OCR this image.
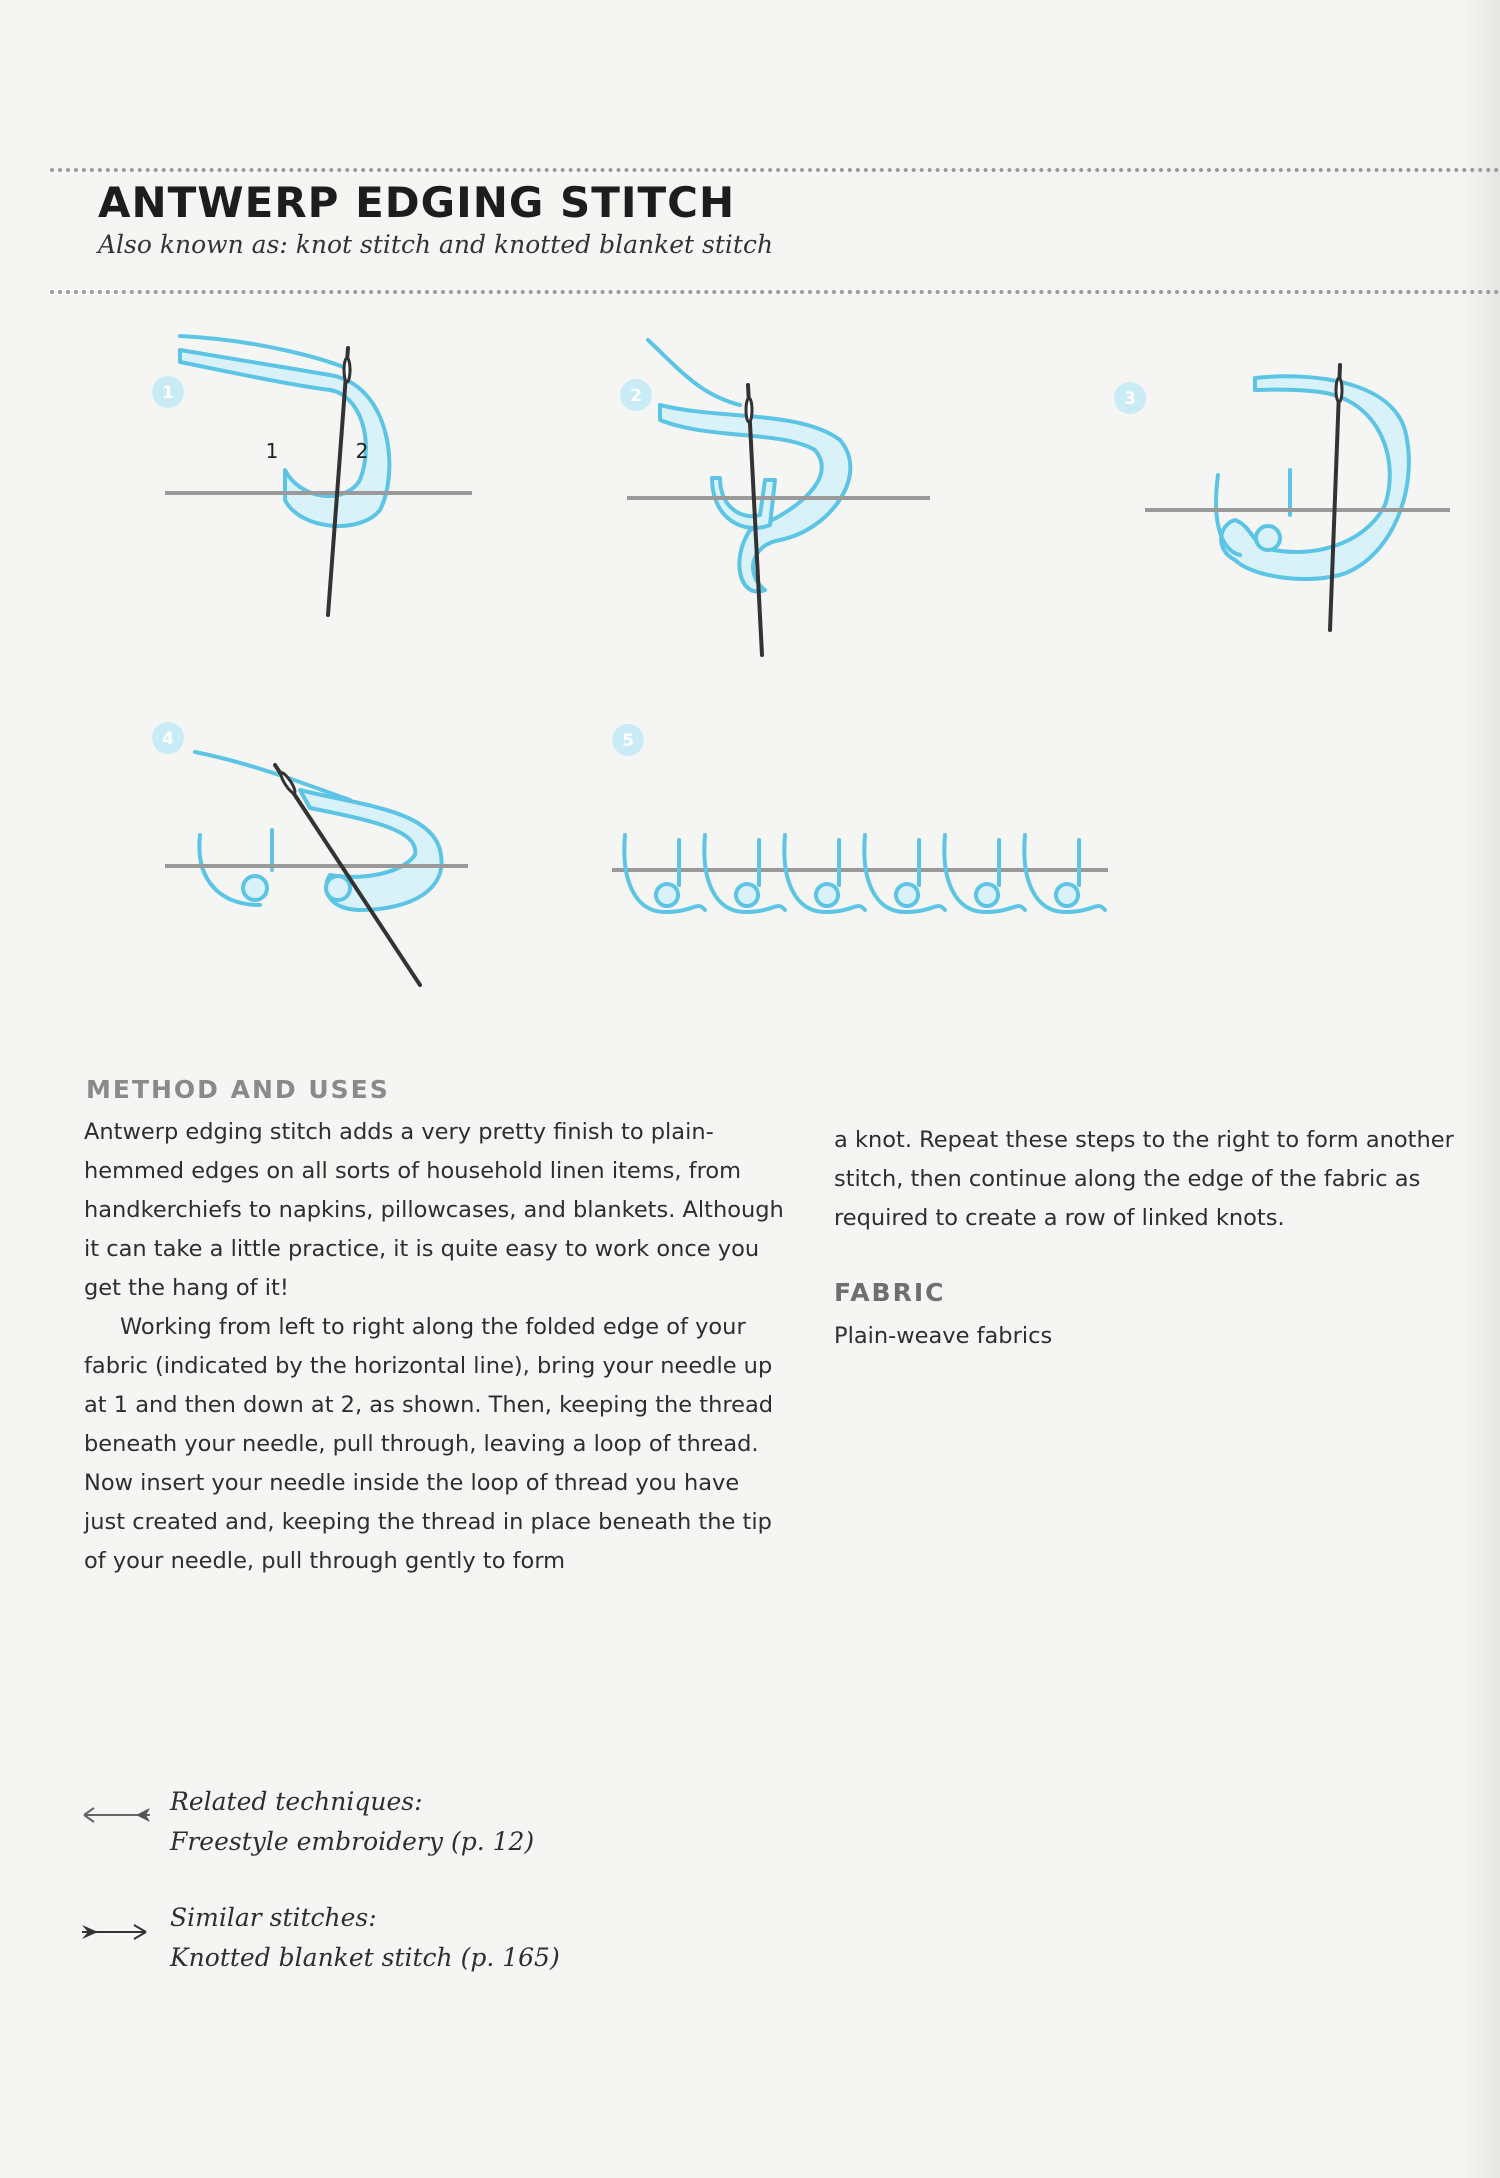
ANTWERP EDGING STITCH
Also known as: knot stitch and knotted blanket stitch
1
1	2
2	3
4	5
METHOD AND USES

Antwerp edging stitch adds a very pretty finish to plain-hemmed edges on all sorts of household linen items, from handkerchiefs to napkins, pillowcases, and blankets. Although it can take a little practice, it is quite easy to work once you get the hang of it!

Working from left to right along the folded edge of your fabric (indicated by the horizontal line), bring your needle up at 1 and then down at 2, as shown. Then, keeping the thread beneath your needle, pull through, leaving a loop of thread. Now insert your needle inside the loop of thread you have just created and, keeping the thread in place beneath the tip of your needle, pull through gently to form

a knot. Repeat these steps to the right to form another stitch, then continue along the edge of the fabric as required to create a row of linked knots.
FABRIC
Plain-weave fabrics
Related techniques:
Freestyle embroidery (p. 12)
Similar stitches:
Knotted blanket stitch (p. 165)
